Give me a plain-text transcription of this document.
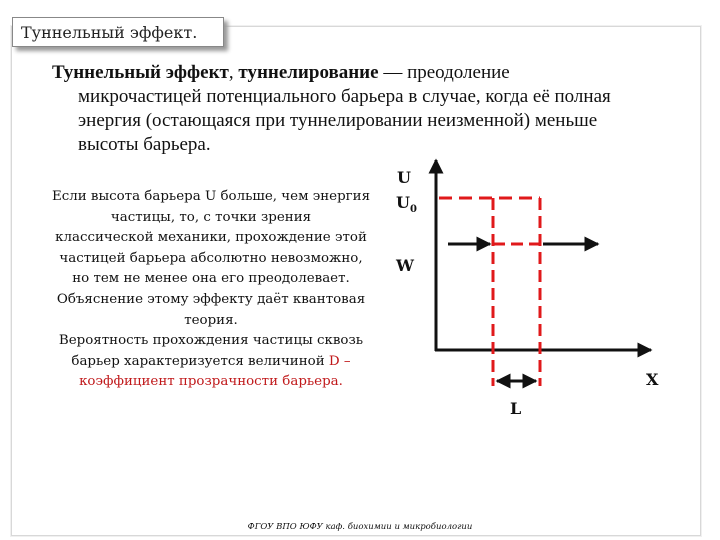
Туннельный эффект.
Туннельный эффект, туннелирование — преодоление
микрочастицей потенциального барьера в случае, когда её полная
энергия (остающаяся при туннелировании неизменной) меньше
высоты барьера.
Если высота барьера U больше, чем энергия
частицы, то, с точки зрения
классической механики, прохождение этой
частицей барьера абсолютно невозможно,
но тем не менее она его преодолевает.
Объяснение этому эффекту даёт квантовая
теория.
Вероятность прохождения частицы сквозь
барьер характеризуется величиной D –
коэффициент прозрачности барьера.
U
$U_0$
W
X
L
ФГОУ ВПО ЮФУ каф. биохимии и микробиологии
